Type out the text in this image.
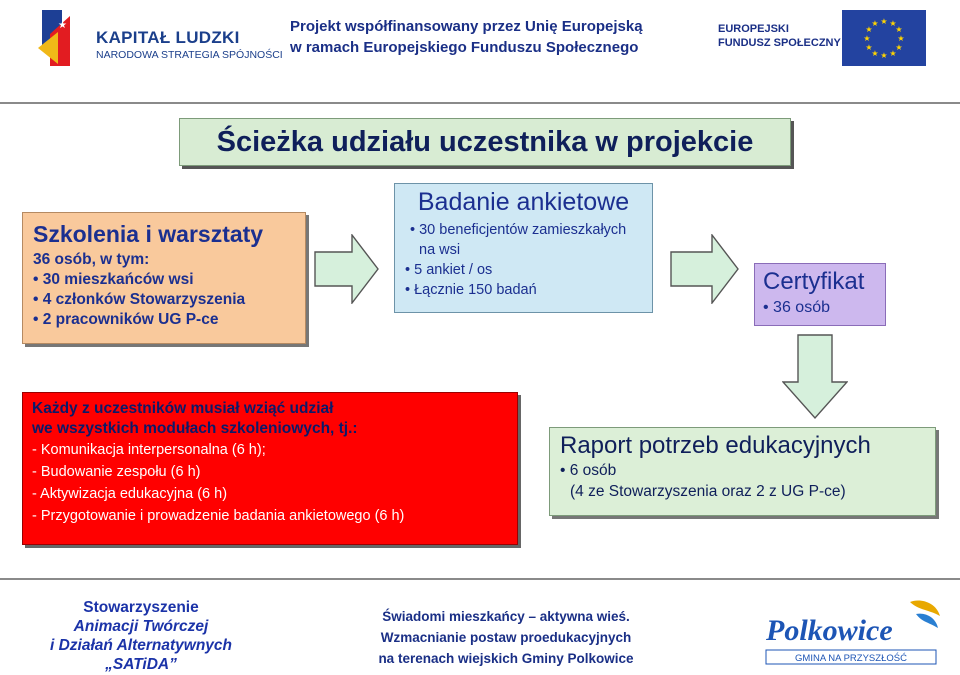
★
KAPITAŁ LUDZKI
NARODOWA STRATEGIA SPÓJNOŚCI
Projekt współfinansowany przez Unię Europejską
w ramach Europejskiego Funduszu Społecznego
EUROPEJSKI
FUNDUSZ SPOŁECZNY
★ ★
★
★
★
★
★
★
★
★
★
★
Ścieżka udziału uczestnika w projekcie
Szkolenia i warsztaty
36 osób, w tym:
• 30 mieszkańców wsi
• 4 członków Stowarzyszenia
• 2 pracowników UG P-ce
Badanie ankietowe
• 30 beneficjentów zamieszkałych na wsi
• 5 ankiet / os
• Łącznie 150 badań	Certyfikat
• 36 osób
Każdy z uczestników musiał wziąć udział
we wszystkich modułach szkoleniowych, tj.:
- Komunikacja interpersonalna (6 h);
- Budowanie zespołu (6 h)
- Aktywizacja edukacyjna (6 h)
- Przygotowanie i prowadzenie badania ankietowego (6 h)
Raport potrzeb edukacyjnych
• 6 osób
(4 ze Stowarzyszenia oraz 2 z UG P-ce)
Stowarzyszenie
Animacji Twórczej
i Działań Alternatywnych
„SATiDA”
Świadomi mieszkańcy – aktywna wieś.
Wzmacnianie postaw proedukacyjnych
na terenach wiejskich Gminy Polkowice
Polkowice
GMINA NA PRZYSZŁOŚĆ
